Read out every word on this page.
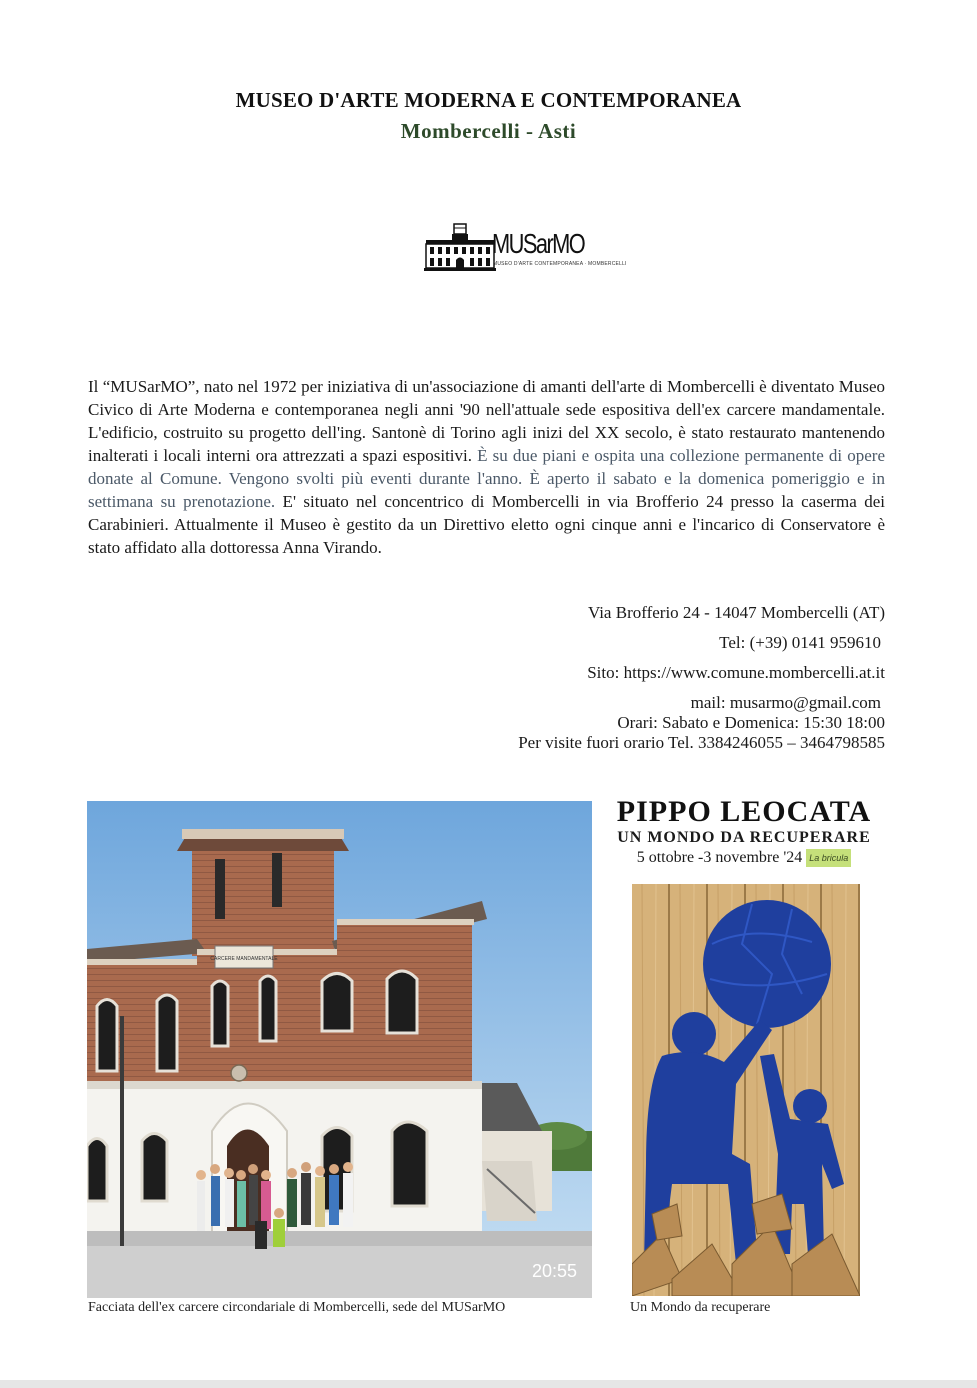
MUSEO D'ARTE MODERNA E CONTEMPORANEA
Mombercelli - Asti
MUSarMO
MUSEO D'ARTE CONTEMPORANEA · MOMBERCELLI
Il “MUSarMO”, nato nel 1972 per iniziativa di un'associazione di amanti dell'arte di Mombercelli è diventato Museo Civico di Arte Moderna e contemporanea negli anni '90 nell'attuale sede espositiva dell'ex carcere mandamentale. L'edificio, costruito su progetto dell'ing. Santonè di Torino agli inizi del XX secolo, è stato restaurato mantenendo inalterati i locali interni ora attrezzati a spazi espositivi. È su due piani e ospita una collezione permanente di opere donate al Comune. Vengono svolti più eventi durante l'anno. È aperto il sabato e la domenica pomeriggio e in settimana su prenotazione. E' situato nel concentrico di Mombercelli in via Brofferio 24 presso la caserma dei Carabinieri. Attualmente il Museo è gestito da un Direttivo eletto ogni cinque anni e l'incarico di Conservatore è stato affidato alla dottoressa Anna Virando.
Via Brofferio 24 - 14047 Mombercelli (AT)
Tel: (+39) 0141 959610
Sito: https://www.comune.mombercelli.at.it
mail: musarmo@gmail.com
Orari: Sabato e Domenica: 15:30 18:00
Per visite fuori orario Tel. 3384246055 – 3464798585
CARCERE MANDAMENTALE
20:55
Facciata dell'ex carcere circondariale di Mombercelli, sede del MUSarMO
PIPPO LEOCATA
UN MONDO DA RECUPERARE
5 ottobre -3 novembre '24 La bricula
Un Mondo da recuperare
